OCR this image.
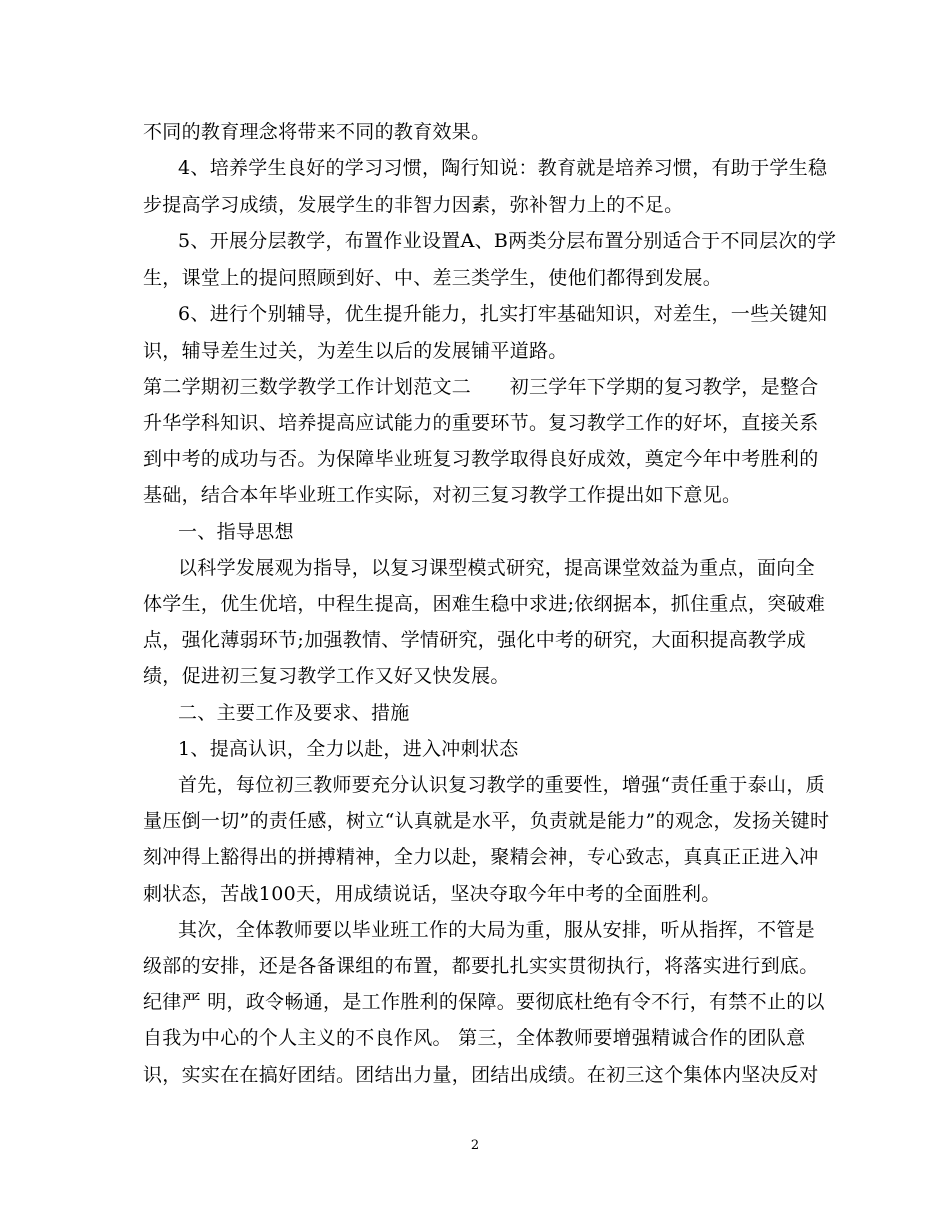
不同的教育理念将带来不同的教育效果。
4、培养学生良好的学习习惯，陶行知说：教育就是培养习惯，有助于学生稳
步提高学习成绩，发展学生的非智力因素，弥补智力上的不足。
5、开展分层教学，布置作业设置A、B两类分层布置分别适合于不同层次的学
生，课堂上的提问照顾到好、中、差三类学生，使他们都得到发展。
6、进行个别辅导，优生提升能力，扎实打牢基础知识，对差生，一些关键知
识，辅导差生过关，为差生以后的发展铺平道路。
第二学期初三数学教学工作计划范文二　　初三学年下学期的复习教学，是整合
升华学科知识、培养提高应试能力的重要环节。复习教学工作的好坏，直接关系
到中考的成功与否。为保障毕业班复习教学取得良好成效，奠定今年中考胜利的
基础，结合本年毕业班工作实际，对初三复习教学工作提出如下意见。
一、指导思想
以科学发展观为指导，以复习课型模式研究，提高课堂效益为重点，面向全
体学生，优生优培，中程生提高，困难生稳中求进;依纲据本，抓住重点，突破难
点，强化薄弱环节;加强教情、学情研究，强化中考的研究，大面积提高教学成
绩，促进初三复习教学工作又好又快发展。
二、主要工作及要求、措施
1、提高认识，全力以赴，进入冲刺状态
首先，每位初三教师要充分认识复习教学的重要性，增强“责任重于泰山，质
量压倒一切”的责任感，树立“认真就是水平，负责就是能力”的观念，发扬关键时
刻冲得上豁得出的拼搏精神，全力以赴，聚精会神，专心致志，真真正正进入冲
刺状态，苦战100天，用成绩说话，坚决夺取今年中考的全面胜利。
其次，全体教师要以毕业班工作的大局为重，服从安排，听从指挥，不管是
级部的安排，还是各备课组的布置，都要扎扎实实贯彻执行，将落实进行到底。
纪律严 明，政令畅通，是工作胜利的保障。要彻底杜绝有令不行，有禁不止的以
自我为中心的个人主义的不良作风。 第三，全体教师要增强精诚合作的团队意
识，实实在在搞好团结。团结出力量，团结出成绩。在初三这个集体内坚决反对
2
